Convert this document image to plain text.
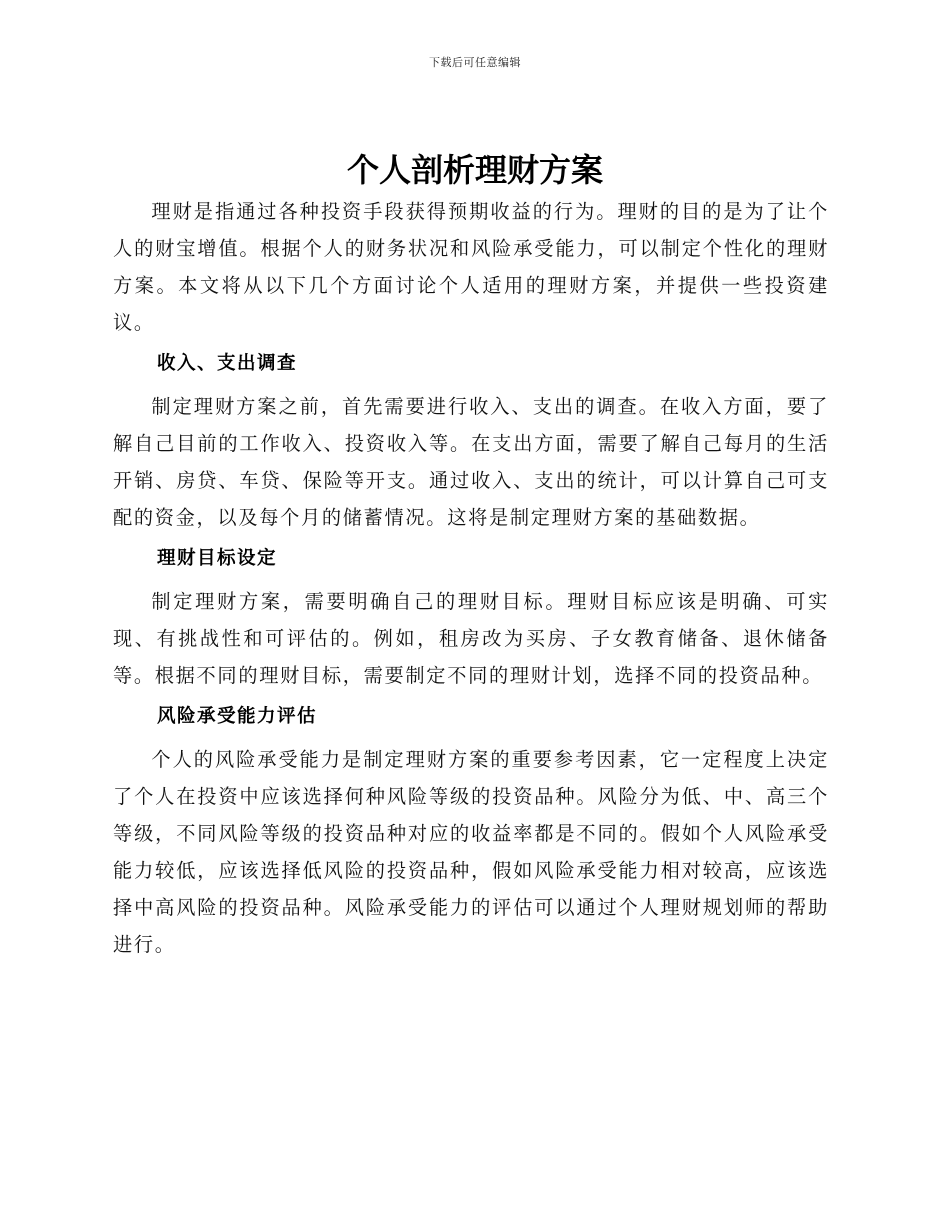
下载后可任意编辑
个人剖析理财方案

理财是指通过各种投资手段获得预期收益的行为。理财的目的是为了让个人的财宝增值。根据个人的财务状况和风险承受能力，可以制定个性化的理财方案。本文将从以下几个方面讨论个人适用的理财方案，并提供一些投资建议。

收入、支出调查

制定理财方案之前，首先需要进行收入、支出的调查。在收入方面，要了解自己目前的工作收入、投资收入等。在支出方面，需要了解自己每月的生活开销、房贷、车贷、保险等开支。通过收入、支出的统计，可以计算自己可支配的资金，以及每个月的储蓄情况。这将是制定理财方案的基础数据。

理财目标设定

制定理财方案，需要明确自己的理财目标。理财目标应该是明确、可实现、有挑战性和可评估的。例如，租房改为买房、子女教育储备、退休储备等。根据不同的理财目标，需要制定不同的理财计划，选择不同的投资品种。

风险承受能力评估

个人的风险承受能力是制定理财方案的重要参考因素，它一定程度上决定了个人在投资中应该选择何种风险等级的投资品种。风险分为低、中、高三个等级，不同风险等级的投资品种对应的收益率都是不同的。假如个人风险承受能力较低，应该选择低风险的投资品种，假如风险承受能力相对较高，应该选择中高风险的投资品种。风险承受能力的评估可以通过个人理财规划师的帮助进行。
